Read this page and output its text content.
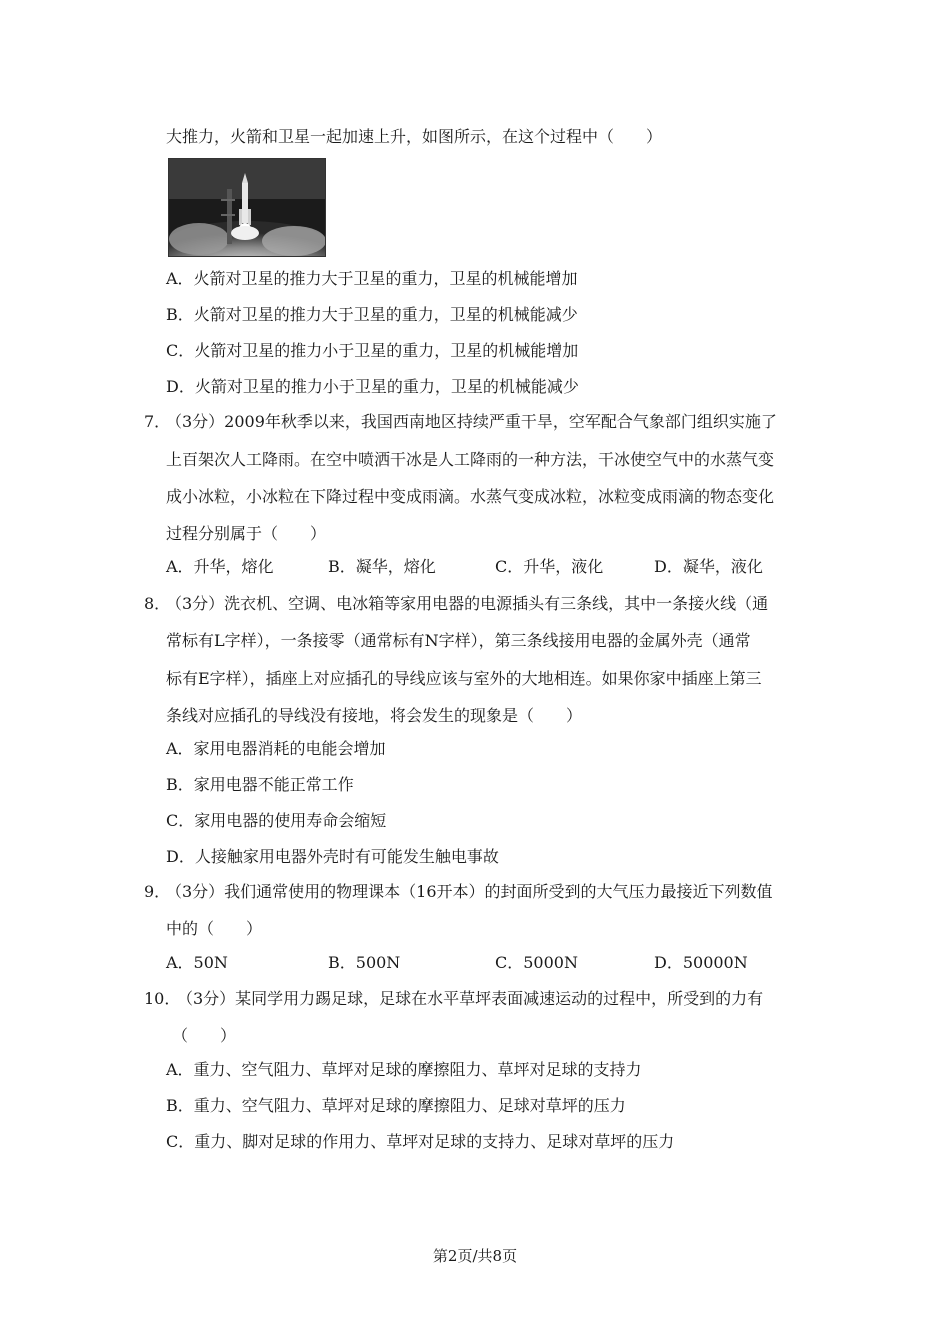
大推力，火箭和卫星一起加速上升，如图所示，在这个过程中（　　）
A．火箭对卫星的推力大于卫星的重力，卫星的机械能增加
B．火箭对卫星的推力大于卫星的重力，卫星的机械能减少
C．火箭对卫星的推力小于卫星的重力，卫星的机械能增加
D．火箭对卫星的推力小于卫星的重力，卫星的机械能减少
7．
（3分）2009年秋季以来，我国西南地区持续严重干旱，空军配合气象部门组织实施了
上百架次人工降雨。在空中喷洒干冰是人工降雨的一种方法，干冰使空气中的水蒸气变
成小冰粒，小冰粒在下降过程中变成雨滴。水蒸气变成冰粒，冰粒变成雨滴的物态变化
过程分别属于（　　）
A．升华，熔化	B．凝华，熔化	C．升华，液化	D．凝华，液化
8．
（3分）洗衣机、空调、电冰箱等家用电器的电源插头有三条线，其中一条接火线（通
常标有L字样），一条接零（通常标有N字样），第三条线接用电器的金属外壳（通常
标有E字样），插座上对应插孔的导线应该与室外的大地相连。如果你家中插座上第三
条线对应插孔的导线没有接地，将会发生的现象是（　　）
A．家用电器消耗的电能会增加
B．家用电器不能正常工作
C．家用电器的使用寿命会缩短
D．人接触家用电器外壳时有可能发生触电事故
9．
（3分）我们通常使用的物理课本（16开本）的封面所受到的大气压力最接近下列数值
中的（　　）
A．50N	B．500N	C．5000N	D．50000N
10．
（3分）某同学用力踢足球，足球在水平草坪表面减速运动的过程中，所受到的力有
（　　）
A．重力、空气阻力、草坪对足球的摩擦阻力、草坪对足球的支持力
B．重力、空气阻力、草坪对足球的摩擦阻力、足球对草坪的压力
C．重力、脚对足球的作用力、草坪对足球的支持力、足球对草坪的压力
第2页/共8页
